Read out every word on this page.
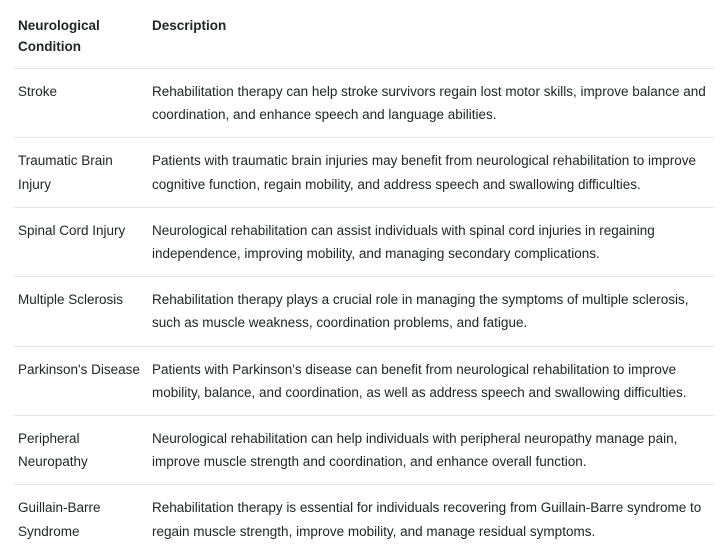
Neurological Condition	Description
Stroke	Rehabilitation therapy can help stroke survivors regain lost motor skills, improve balance and coordination, and enhance speech and language abilities.
Traumatic Brain Injury	Patients with traumatic brain injuries may benefit from neurological rehabilitation to improve cognitive function, regain mobility, and address speech and swallowing difficulties.
Spinal Cord Injury	Neurological rehabilitation can assist individuals with spinal cord injuries in regaining independence, improving mobility, and managing secondary complications.
Multiple Sclerosis	Rehabilitation therapy plays a crucial role in managing the symptoms of multiple sclerosis, such as muscle weakness, coordination problems, and fatigue.
Parkinson's Disease	Patients with Parkinson's disease can benefit from neurological rehabilitation to improve mobility, balance, and coordination, as well as address speech and swallowing difficulties.
Peripheral Neuropathy	Neurological rehabilitation can help individuals with peripheral neuropathy manage pain, improve muscle strength and coordination, and enhance overall function.
Guillain-Barre Syndrome	Rehabilitation therapy is essential for individuals recovering from Guillain-Barre syndrome to regain muscle strength, improve mobility, and manage residual symptoms.
